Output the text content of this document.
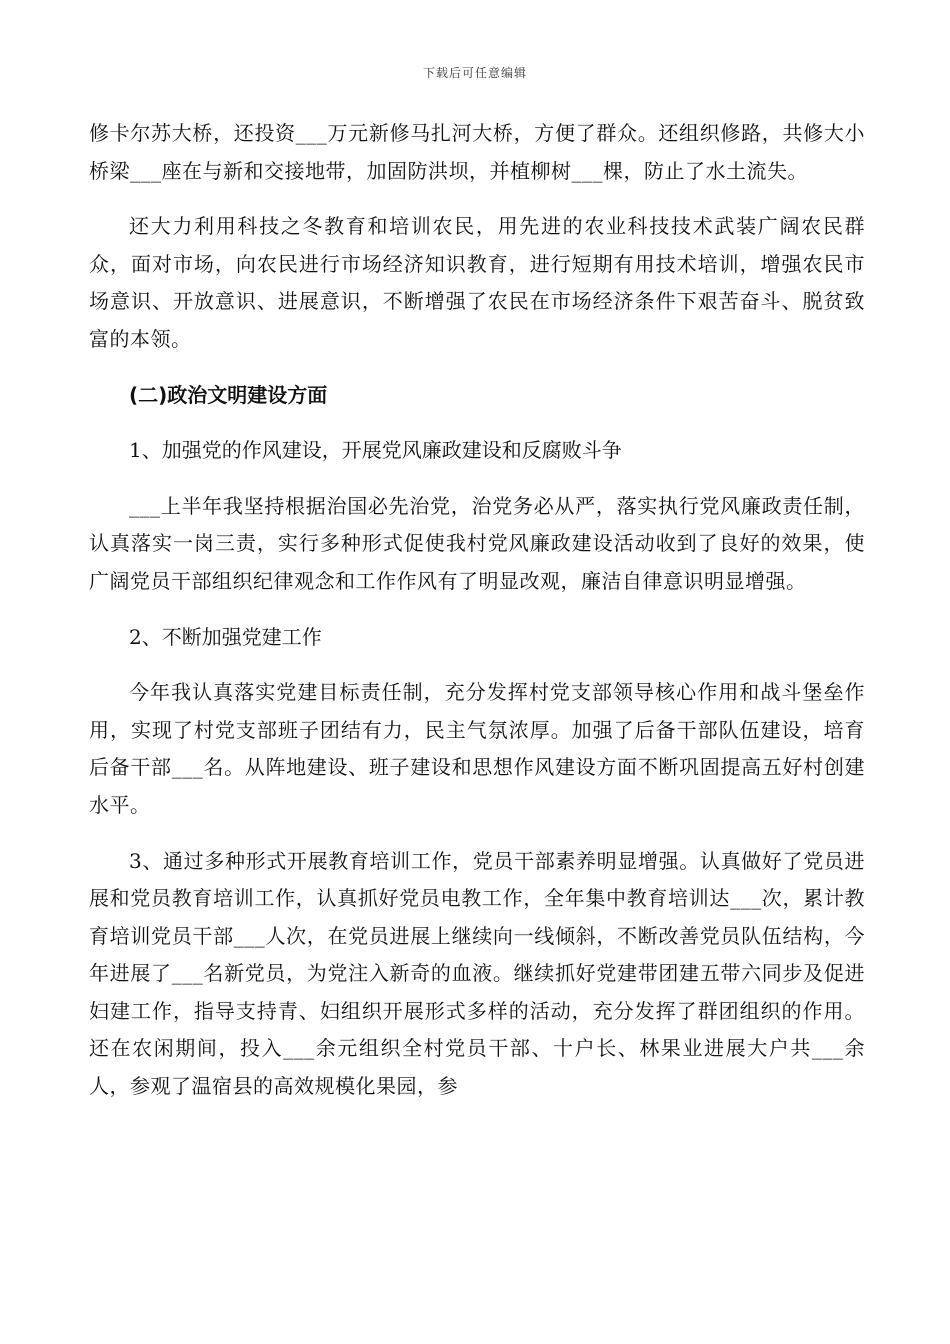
下载后可任意编辑

修卡尔苏大桥，还投资___万元新修马扎河大桥，方便了群众。还组织修路，共修大小桥梁___座在与新和交接地带，加固防洪坝，并植柳树___棵，防止了水土流失。

还大力利用科技之冬教育和培训农民，用先进的农业科技技术武装广阔农民群众，面对市场，向农民进行市场经济知识教育，进行短期有用技术培训，增强农民市场意识、开放意识、进展意识，不断增强了农民在市场经济条件下艰苦奋斗、脱贫致富的本领。

(二)政治文明建设方面

1、加强党的作风建设，开展党风廉政建设和反腐败斗争

___上半年我坚持根据治国必先治党，治党务必从严，落实执行党风廉政责任制，认真落实一岗三责，实行多种形式促使我村党风廉政建设活动收到了良好的效果，使广阔党员干部组织纪律观念和工作作风有了明显改观，廉洁自律意识明显增强。

2、不断加强党建工作

今年我认真落实党建目标责任制，充分发挥村党支部领导核心作用和战斗堡垒作用，实现了村党支部班子团结有力，民主气氛浓厚。加强了后备干部队伍建设，培育后备干部___名。从阵地建设、班子建设和思想作风建设方面不断巩固提高五好村创建水平。

3、通过多种形式开展教育培训工作，党员干部素养明显增强。认真做好了党员进展和党员教育培训工作，认真抓好党员电教工作，全年集中教育培训达___次，累计教育培训党员干部___人次，在党员进展上继续向一线倾斜，不断改善党员队伍结构，今年进展了___名新党员，为党注入新奇的血液。继续抓好党建带团建五带六同步及促进妇建工作，指导支持青、妇组织开展形式多样的活动，充分发挥了群团组织的作用。还在农闲期间，投入___余元组织全村党员干部、十户长、林果业进展大户共___余人，参观了温宿县的高效规模化果园，参
